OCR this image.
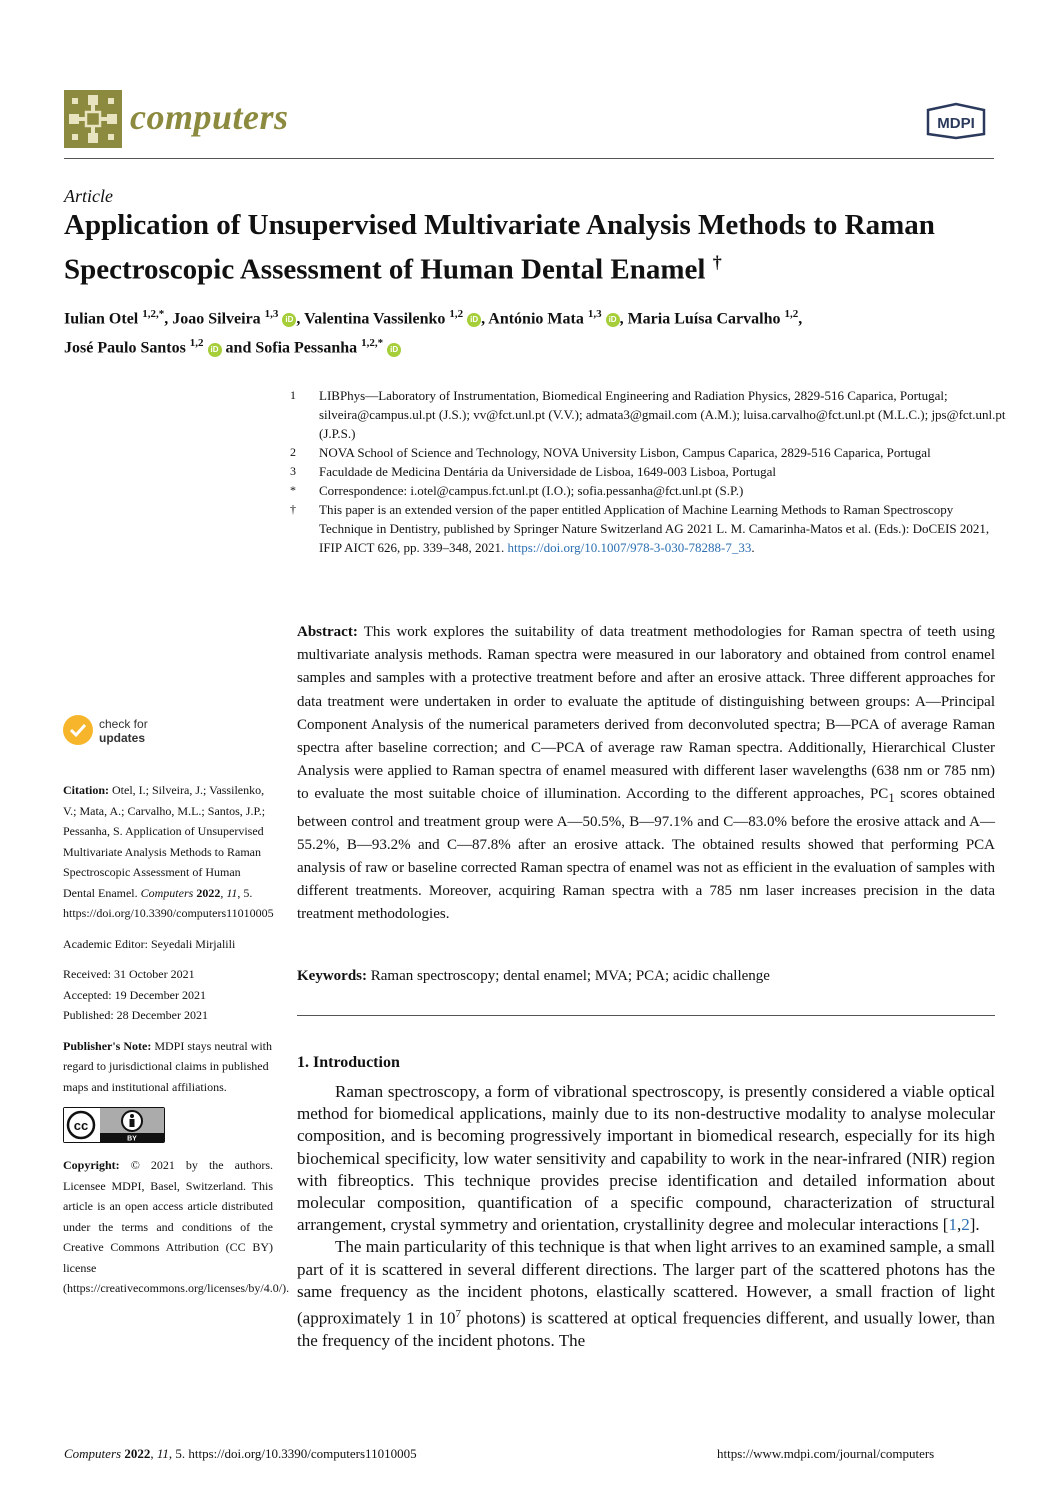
computers	MDPI
Article
Application of Unsupervised Multivariate Analysis Methods to Raman Spectroscopic Assessment of Human Dental Enamel †
Iulian Otel $^{1,2,*}$, Joao Silveira $^{1,3}$ iD , Valentina Vassilenko $^{1,2}$ iD , António Mata $^{1,3}$ iD , Maria Luísa Carvalho $^{1,2}$,
José Paulo Santos $^{1,2}$ iD and Sofia Pessanha $^{1,2,*}$ iD
1	LIBPhys—Laboratory of Instrumentation, Biomedical Engineering and Radiation Physics, 2829-516 Caparica, Portugal; silveira@campus.ul.pt (J.S.); vv@fct.unl.pt (V.V.); admata3@gmail.com (A.M.); luisa.carvalho@fct.unl.pt (M.L.C.); jps@fct.unl.pt (J.P.S.)
2	NOVA School of Science and Technology, NOVA University Lisbon, Campus Caparica, 2829-516 Caparica, Portugal
3	Faculdade de Medicina Dentária da Universidade de Lisboa, 1649-003 Lisboa, Portugal
*	Correspondence: i.otel@campus.fct.unl.pt (I.O.); sofia.pessanha@fct.unl.pt (S.P.)
†	This paper is an extended version of the paper entitled Application of Machine Learning Methods to Raman Spectroscopy Technique in Dentistry, published by Springer Nature Switzerland AG 2021 L. M. Camarinha-Matos et al. (Eds.): DoCEIS 2021, IFIP AICT 626, pp. 339–348, 2021. https://doi.org/10.1007/978-3-030-78288-7_33.
check for
updates

Citation: Otel, I.; Silveira, J.; Vassilenko, V.; Mata, A.; Carvalho, M.L.; Santos, J.P.; Pessanha, S. Application of Unsupervised Multivariate Analysis Methods to Raman Spectroscopic Assessment of Human Dental Enamel. Computers 2022, 11, 5. https://doi.org/10.3390/computers11010005

Academic Editor: Seyedali Mirjalili

Received: 31 October 2021
Accepted: 19 December 2021
Published: 28 December 2021

Publisher's Note: MDPI stays neutral with regard to jurisdictional claims in published maps and institutional affiliations.

cc
BY

Copyright: © 2021 by the authors. Licensee MDPI, Basel, Switzerland. This article is an open access article distributed under the terms and conditions of the Creative Commons Attribution (CC BY) license (https://creativecommons.org/licenses/by/4.0/).

Abstract: This work explores the suitability of data treatment methodologies for Raman spectra of teeth using multivariate analysis methods. Raman spectra were measured in our laboratory and obtained from control enamel samples and samples with a protective treatment before and after an erosive attack. Three different approaches for data treatment were undertaken in order to evaluate the aptitude of distinguishing between groups: A—Principal Component Analysis of the numerical parameters derived from deconvoluted spectra; B—PCA of average Raman spectra after baseline correction; and C—PCA of average raw Raman spectra. Additionally, Hierarchical Cluster Analysis were applied to Raman spectra of enamel measured with different laser wavelengths (638 nm or 785 nm) to evaluate the most suitable choice of illumination. According to the different approaches, $PC_1$ scores obtained between control and treatment group were A—50.5%, B—97.1% and C—83.0% before the erosive attack and A—55.2%, B—93.2% and C—87.8% after an erosive attack. The obtained results showed that performing PCA analysis of raw or baseline corrected Raman spectra of enamel was not as efficient in the evaluation of samples with different treatments. Moreover, acquiring Raman spectra with a 785 nm laser increases precision in the data treatment methodologies.
Keywords: Raman spectroscopy; dental enamel; MVA; PCA; acidic challenge
1. Introduction

Raman spectroscopy, a form of vibrational spectroscopy, is presently considered a viable optical method for biomedical applications, mainly due to its non-destructive modality to analyse molecular composition, and is becoming progressively important in biomedical research, especially for its high biochemical specificity, low water sensitivity and capability to work in the near-infrared (NIR) region with fibreoptics. This technique provides precise identification and detailed information about molecular composition, quantification of a specific compound, characterization of structural arrangement, crystal symmetry and orientation, crystallinity degree and molecular interactions [1,2].

The main particularity of this technique is that when light arrives to an examined sample, a small part of it is scattered in several different directions. The larger part of the scattered photons has the same frequency as the incident photons, elastically scattered. However, a small fraction of light (approximately 1 in $10^7$ photons) is scattered at optical frequencies different, and usually lower, than the frequency of the incident photons. The

Computers 2022, 11, 5. https://doi.org/10.3390/computers11010005	https://www.mdpi.com/journal/computers
